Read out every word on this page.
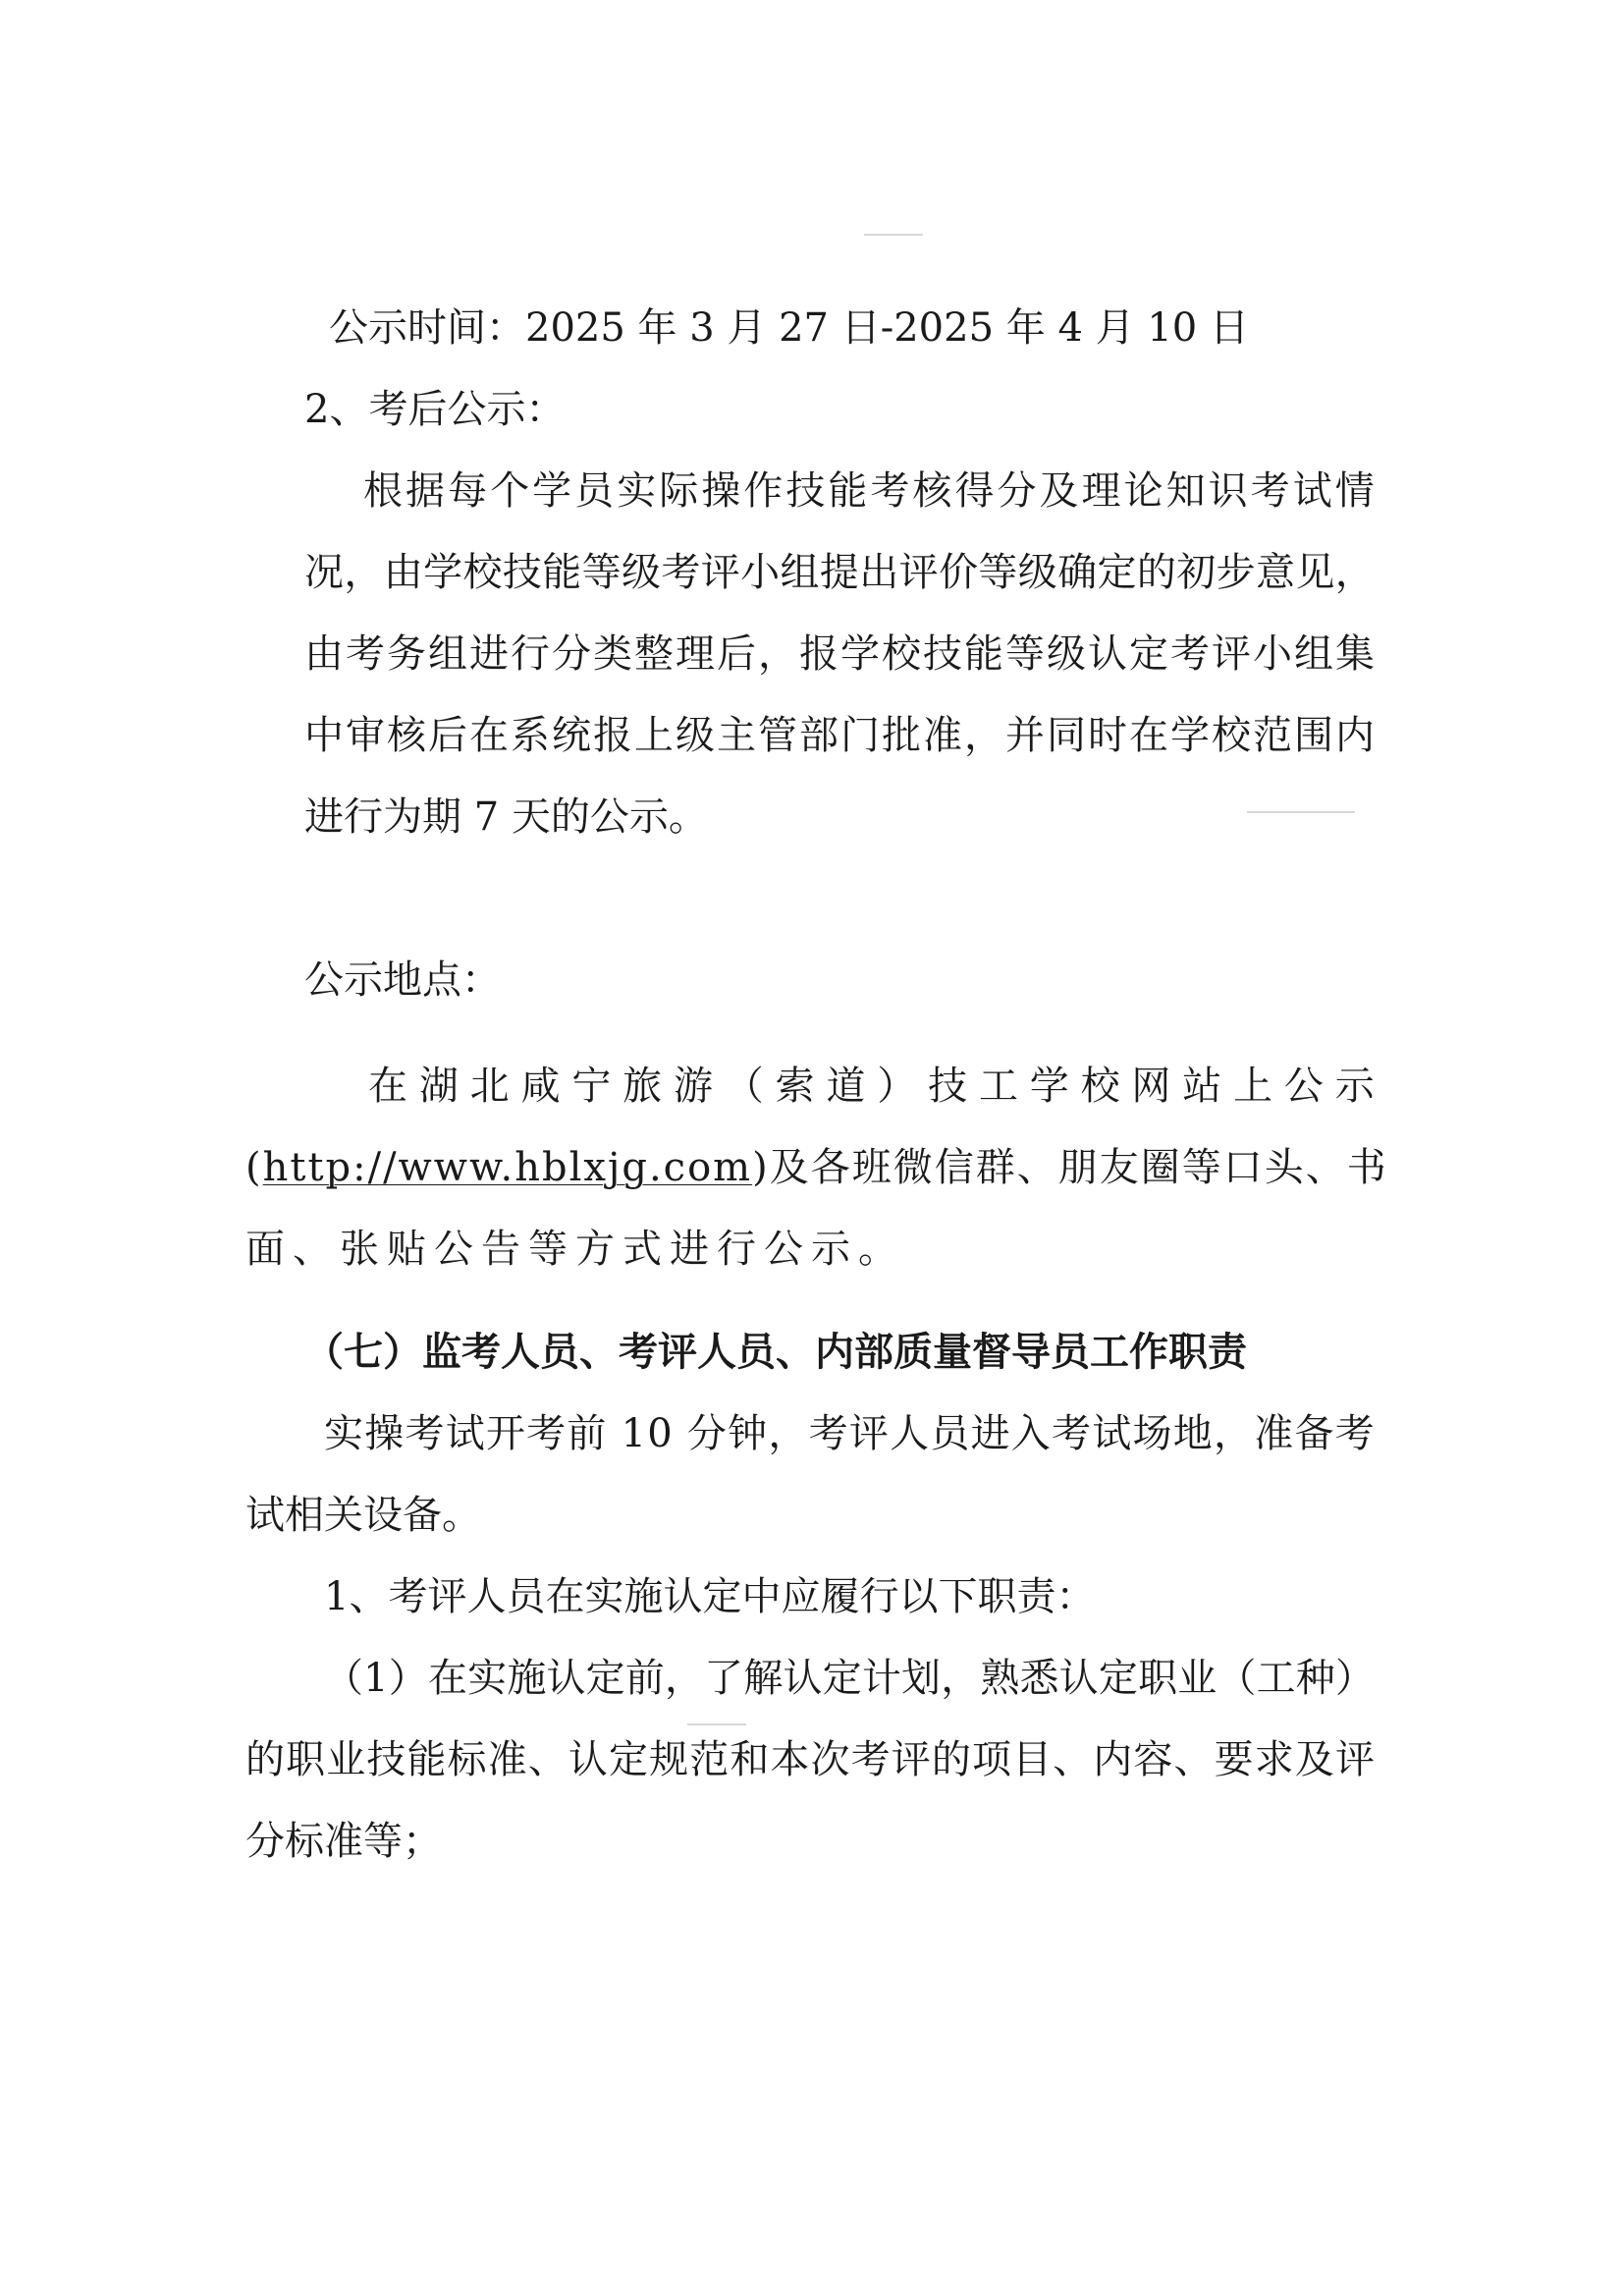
公示时间：2025 年 3 月 27 日-2025 年 4 月 10 日
2、考后公示：
根 据 每 个 学 员 实 际 操 作 技 能 考 核 得 分 及 理 论 知 识 考 试 情
况 ， 由 学 校 技 能 等 级 考 评 小 组 提 出 评 价 等 级 确 定 的 初 步 意 见 ，
由 考 务 组 进 行 分 类 整 理 后 ， 报 学 校 技 能 等 级 认 定 考 评 小 组 集
中 审 核 后 在 系 统 报 上 级 主 管 部 门 批 准 ， 并 同 时 在 学 校 范 围 内
进行为期 7 天的公示。
公示地点：
在 湖 北 咸 宁 旅 游 （ 索 道 ） 技 工 学 校 网 站 上 公 示
(http://www.hblxjg.com)及各班微信群、朋友圈等口头、书
面、张贴公告等方式进行公示。
（七）监考人员、考评人员、内部质量督导员工作职责
实 操 考 试 开 考 前
1 0
分 钟 ， 考 评 人 员 进 入 考 试 场 地 ， 准 备 考
试相关设备。
1、考评人员在实施认定中应履行以下职责：
（ 1 ） 在 实 施 认 定 前 ， 了 解 认 定 计 划 ， 熟 悉 认 定 职 业 （ 工 种 ）
的 职 业 技 能 标 准 、 认 定 规 范 和 本 次 考 评 的 项 目 、 内 容 、 要 求 及 评
分标准等；
